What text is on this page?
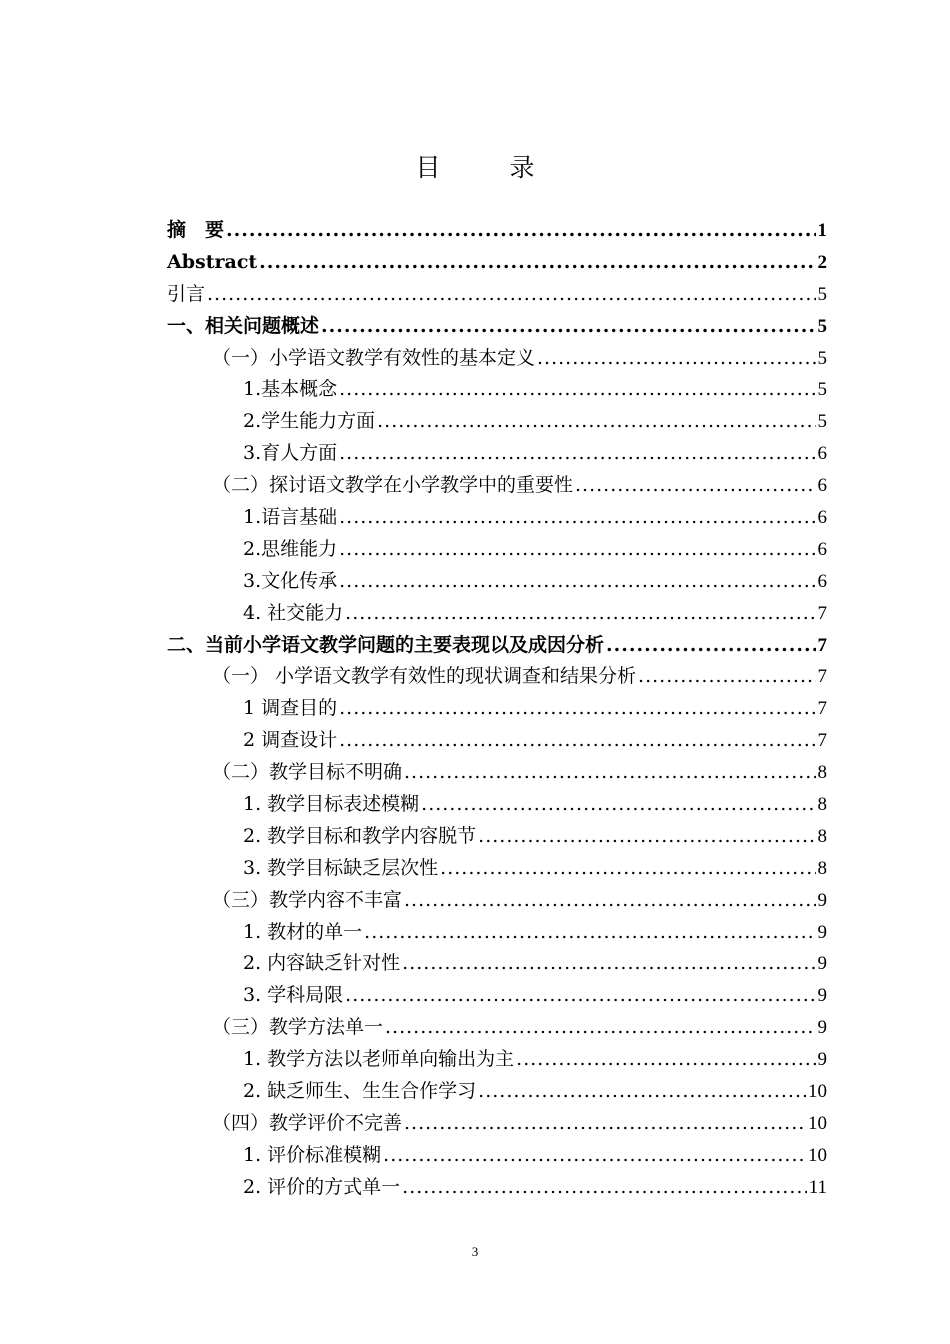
目　录
摘　要 .....	1
Abstract .....	2
引言 .....	5
一、相关问题概述 .....	5
（一）小学语文教学有效性的基本定义 .....	5
1.基本概念 .....	5
2.学生能力方面 .....	5
3.育人方面 .....	6
（二）探讨语文教学在小学教学中的重要性 .....	6
1.语言基础 .....	6
2.思维能力 .....	6
3.文化传承 .....	6
4. 社交能力 .....	7
二、当前小学语文教学问题的主要表现以及成因分析 .....	7
（一） 小学语文教学有效性的现状调查和结果分析 .....	7
1 调查目的 .....	7
2 调查设计 .....	7
（二）教学目标不明确 .....	8
1. 教学目标表述模糊 .....	8
2. 教学目标和教学内容脱节 .....	8
3. 教学目标缺乏层次性 .....	8
（三）教学内容不丰富 .....	9
1. 教材的单一 .....	9
2. 内容缺乏针对性 .....	9
3. 学科局限 .....	9
（三）教学方法单一 .....	9
1. 教学方法以老师单向输出为主 .....	9
2. 缺乏师生、生生合作学习 .....	10
（四）教学评价不完善 .....	10
1. 评价标准模糊 .....	10
2. 评价的方式单一 .....	11
3
